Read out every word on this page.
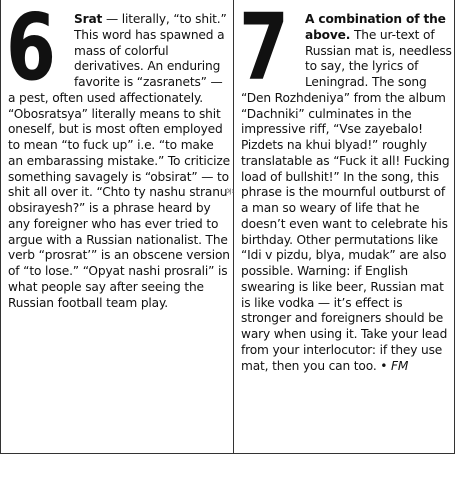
ʞ₁
6 Srat — literally, “to shit.” This word has spawned a mass of colorful derivatives. An enduring favorite is “zasranets” — a pest, often used affectionately. “Obosratsya” literally means to shit oneself, but is most often employed to mean “to fuck up” i.e. “to make an embarassing mistake.” To criticize something savagely is “obsirat” — to shit all over it. “Chto ty nashu stranu obsirayesh?” is a phrase heard by any foreigner who has ever tried to argue with a Russian nationalist. The verb “prosrat’” is an obscene version of “to lose.” “Opyat nashi prosrali” is what people say after seeing the Russian football team play.
7 A combination of the above. The ur-text of Russian mat is, needless to say, the lyrics of Leningrad. The song “Den Rozhdeniya” from the album “Dachniki” culminates in the impressive riff, “Vse zayebalo! Pizdets na khui blyad!” roughly translatable as “Fuck it all! Fucking load of bullshit!” In the song, this phrase is the mournful outburst of a man so weary of life that he doesn’t even want to celebrate his birthday. Other permutations like “Idi v pizdu, blya, mudak” are also possible. Warning: if English swearing is like beer, Russian mat is like vodka — it’s effect is stronger and foreigners should be wary when using it. Take your lead from your interlocutor: if they use mat, then you can too. • FM
